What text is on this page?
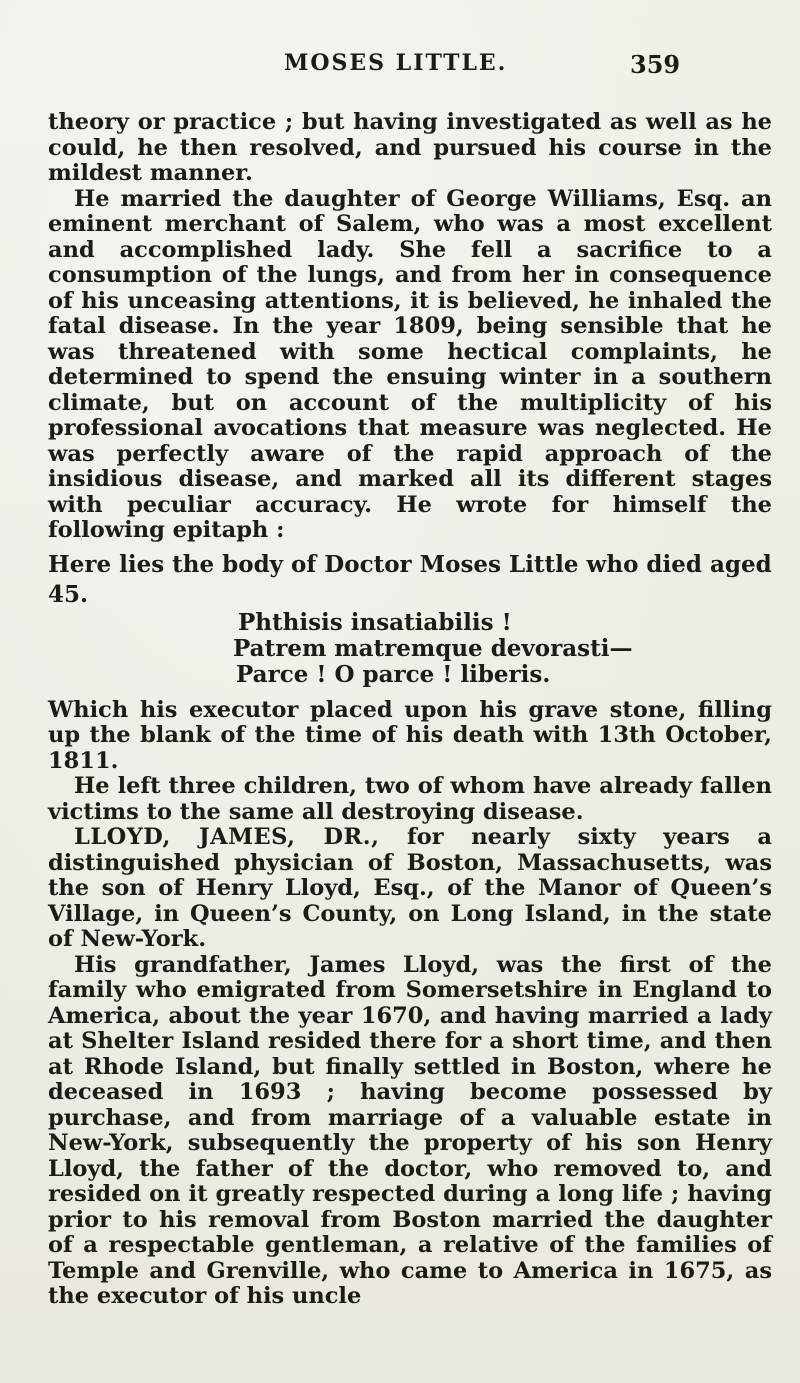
MOSES LITTLE.	359

theory or practice ; but having investigated as well as he could, he then resolved, and pursued his course in the mildest manner.

He married the daughter of George Williams, Esq. an eminent merchant of Salem, who was a most excellent and accomplished lady. She fell a sacrifice to a consumption of the lungs, and from her in consequence of his unceasing attentions, it is believed, he inhaled the fatal disease. In the year 1809, being sensible that he was threatened with some hectical complaints, he determined to spend the ensuing winter in a southern climate, but on account of the multiplicity of his professional avocations that measure was neglected. He was perfectly aware of the rapid approach of the insidious disease, and marked all its different stages with peculiar accuracy. He wrote for himself the following epitaph :

Here lies the body of Doctor Moses Little who died aged 45.
Phthisis insatiabilis !
Patrem matremque devorasti—
Parce ! O parce ! liberis.

Which his executor placed upon his grave stone, filling up the blank of the time of his death with 13th October, 1811.

He left three children, two of whom have already fallen victims to the same all destroying disease.

LLOYD, JAMES, DR., for nearly sixty years a distinguished physician of Boston, Massachusetts, was the son of Henry Lloyd, Esq., of the Manor of Queen’s Village, in Queen’s County, on Long Island, in the state of New-York.

His grandfather, James Lloyd, was the first of the family who emigrated from Somersetshire in England to America, about the year 1670, and having married a lady at Shelter Island resided there for a short time, and then at Rhode Island, but finally settled in Boston, where he deceased in 1693 ; having become possessed by purchase, and from marriage of a valuable estate in New-York, subsequently the property of his son Henry Lloyd, the father of the doctor, who removed to, and resided on it greatly respected during a long life ; having prior to his removal from Boston married the daughter of a respectable gentleman, a relative of the families of Temple and Grenville, who came to America in 1675, as the executor of his uncle
